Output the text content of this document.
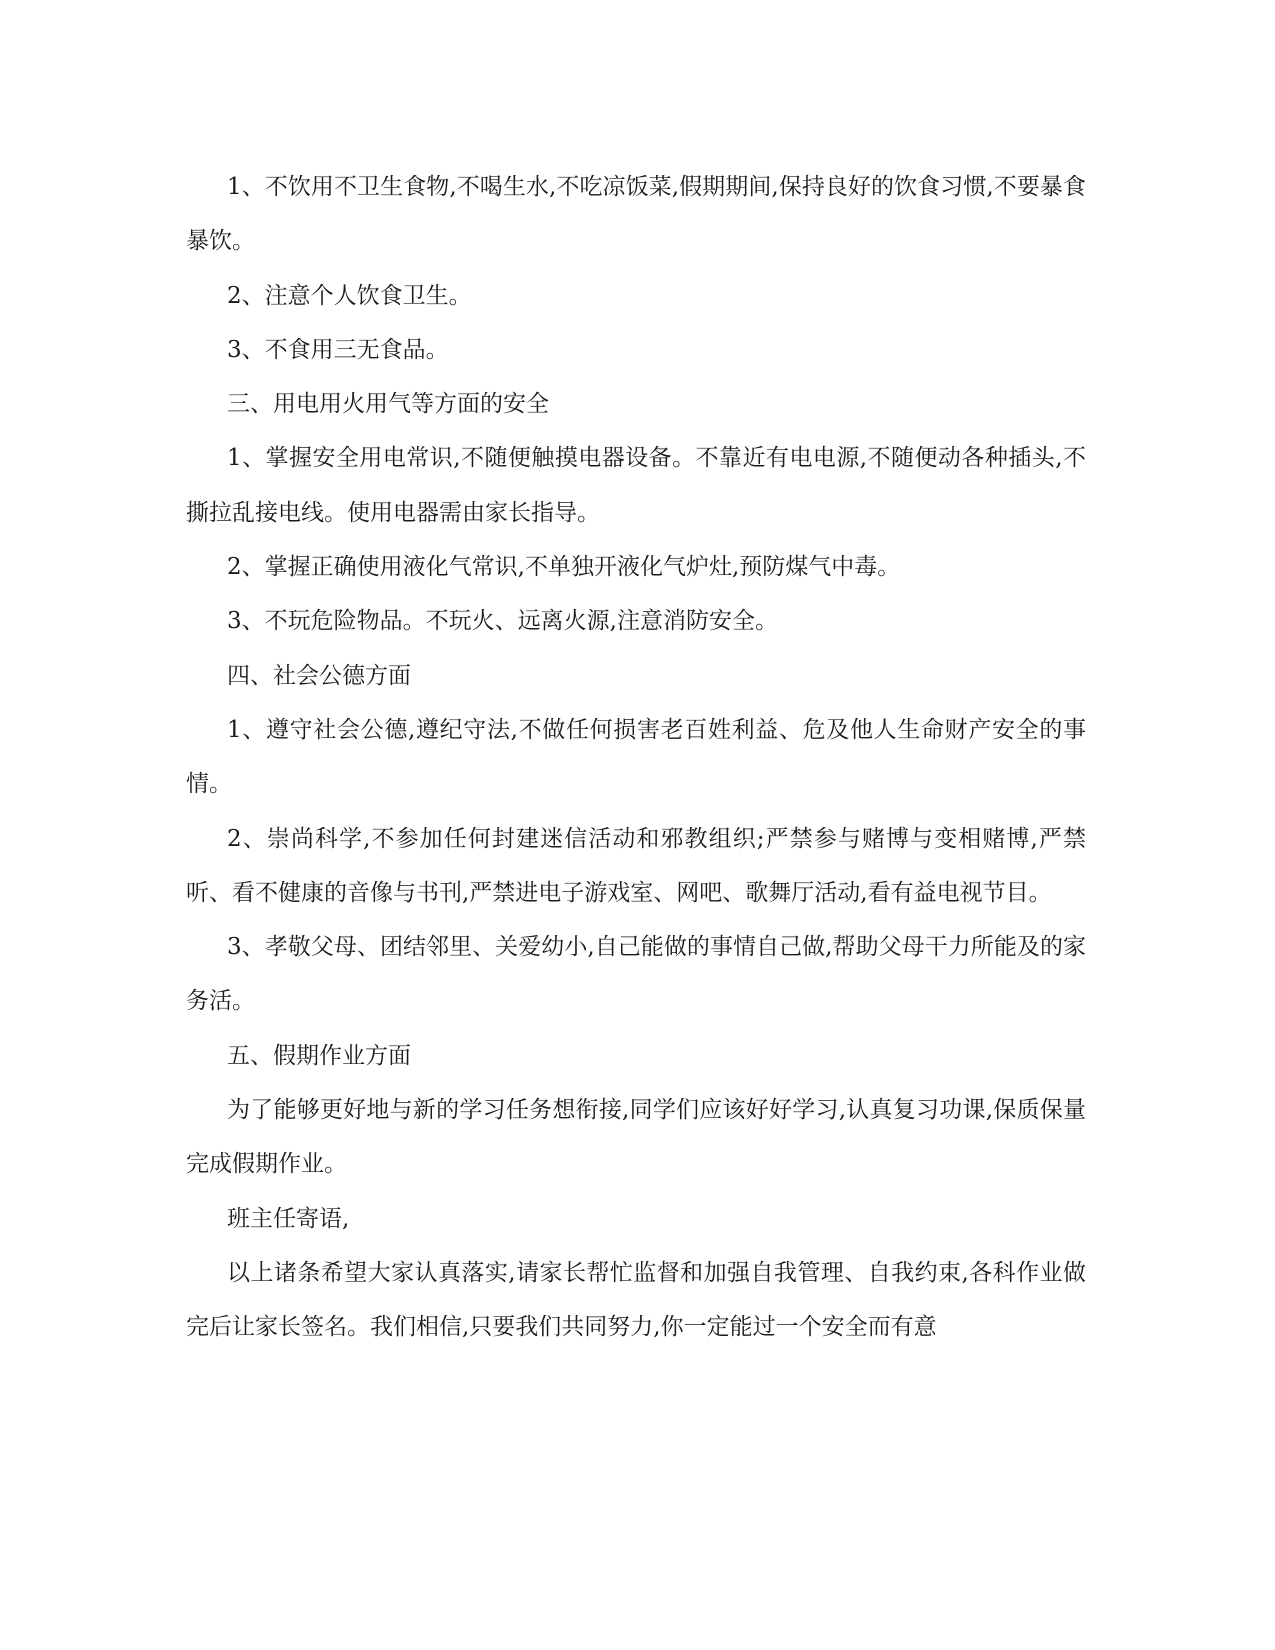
1、不饮用不卫生食物,不喝生水,不吃凉饭菜,假期期间,保持良好的饮食习惯,不要暴食暴饮。

2、注意个人饮食卫生。

3、不食用三无食品。

三、用电用火用气等方面的安全

1、掌握安全用电常识,不随便触摸电器设备。不靠近有电电源,不随便动各种插头,不撕拉乱接电线。使用电器需由家长指导。

2、掌握正确使用液化气常识,不单独开液化气炉灶,预防煤气中毒。

3、不玩危险物品。不玩火、远离火源,注意消防安全。

四、社会公德方面

1、遵守社会公德,遵纪守法,不做任何损害老百姓利益、危及他人生命财产安全的事情。

2、崇尚科学,不参加任何封建迷信活动和邪教组织;严禁参与赌博与变相赌博,严禁听、看不健康的音像与书刊,严禁进电子游戏室、网吧、歌舞厅活动,看有益电视节目。

3、孝敬父母、团结邻里、关爱幼小,自己能做的事情自己做,帮助父母干力所能及的家务活。

五、假期作业方面

为了能够更好地与新的学习任务想衔接,同学们应该好好学习,认真复习功课,保质保量完成假期作业。

班主任寄语,

以上诸条希望大家认真落实,请家长帮忙监督和加强自我管理、自我约束,各科作业做完后让家长签名。我们相信,只要我们共同努力,你一定能过一个安全而有意
